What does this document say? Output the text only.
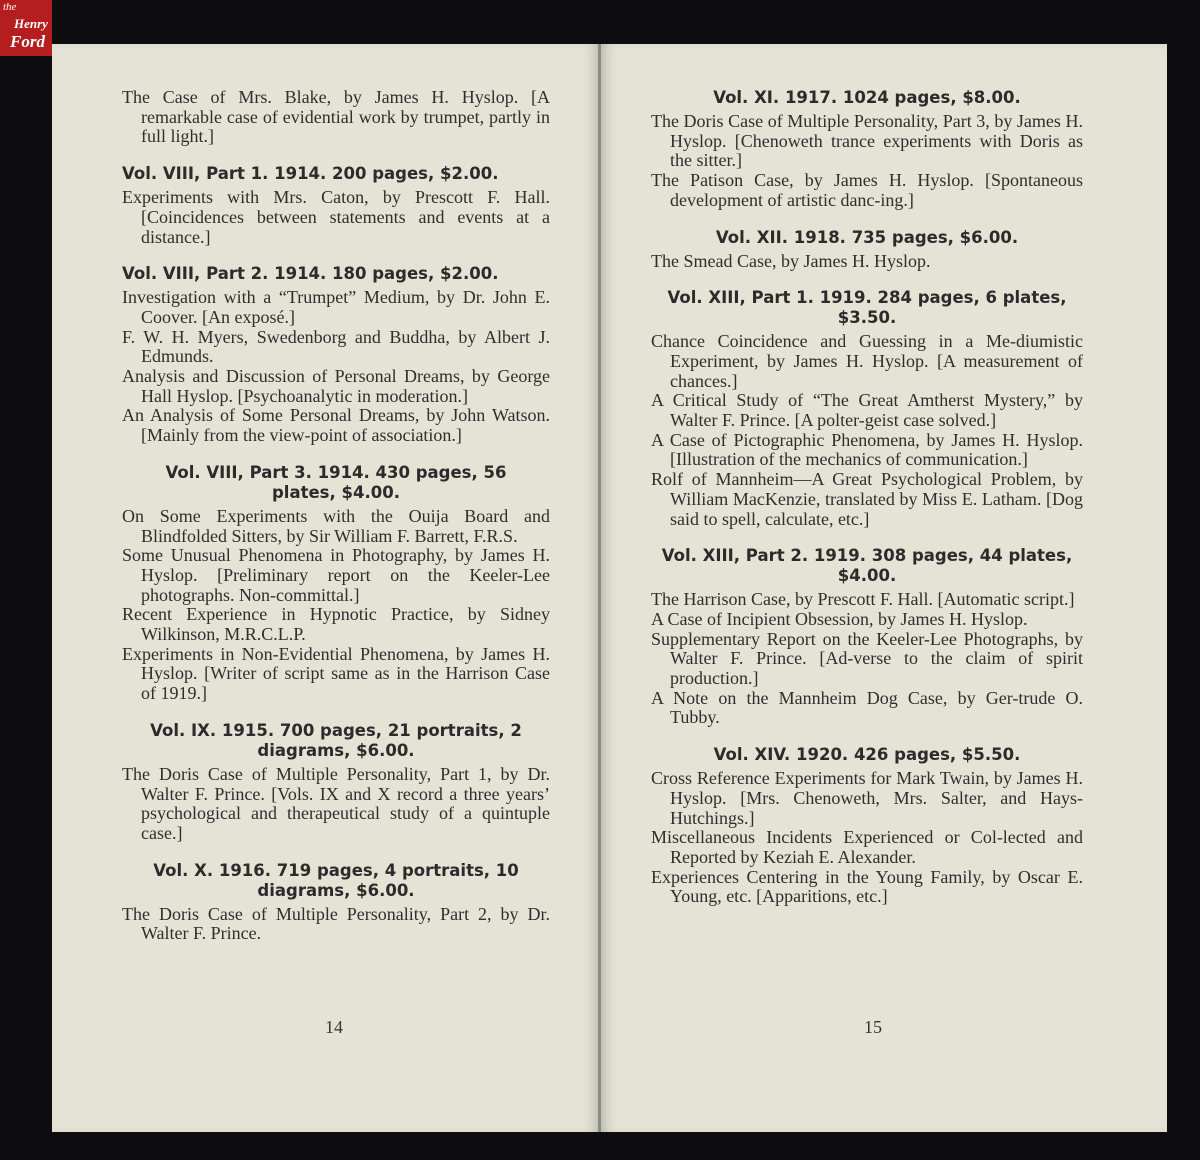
the
Henry
Ford
The Case of Mrs. Blake, by James H. Hyslop. [A remarkable case of evidential work by trumpet, partly in full light.]
Vol. VIII, Part 1. 1914. 200 pages, $2.00.
Experiments with Mrs. Caton, by Prescott F. Hall. [Coincidences between statements and events at a distance.]
Vol. VIII, Part 2. 1914. 180 pages, $2.00.
Investigation with a “Trumpet” Medium, by Dr. John E. Coover. [An exposé.]
F. W. H. Myers, Swedenborg and Buddha, by Albert J. Edmunds.
Analysis and Discussion of Personal Dreams, by George Hall Hyslop. [Psychoanalytic in moderation.]
An Analysis of Some Personal Dreams, by John Watson. [Mainly from the view-point of association.]
Vol. VIII, Part 3. 1914. 430 pages, 56 plates, $4.00.
On Some Experiments with the Ouija Board and Blindfolded Sitters, by Sir William F. Barrett, F.R.S.
Some Unusual Phenomena in Photography, by James H. Hyslop. [Preliminary report on the Keeler-Lee photographs. Non-committal.]
Recent Experience in Hypnotic Practice, by Sidney Wilkinson, M.R.C.L.P.
Experiments in Non-Evidential Phenomena, by James H. Hyslop. [Writer of script same as in the Harrison Case of 1919.]
Vol. IX. 1915. 700 pages, 21 portraits, 2 diagrams, $6.00.
The Doris Case of Multiple Personality, Part 1, by Dr. Walter F. Prince. [Vols. IX and X record a three years’ psychological and therapeutical study of a quintuple case.]
Vol. X. 1916. 719 pages, 4 portraits, 10 diagrams, $6.00.
The Doris Case of Multiple Personality, Part 2, by Dr. Walter F. Prince.
14
Vol. XI. 1917. 1024 pages, $8.00.
The Doris Case of Multiple Personality, Part 3, by James H. Hyslop. [Chenoweth trance experiments with Doris as the sitter.]
The Patison Case, by James H. Hyslop. [Spontaneous development of artistic danc-ing.]
Vol. XII. 1918. 735 pages, $6.00.
The Smead Case, by James H. Hyslop.
Vol. XIII, Part 1. 1919. 284 pages, 6 plates, $3.50.
Chance Coincidence and Guessing in a Me-diumistic Experiment, by James H. Hyslop. [A measurement of chances.]
A Critical Study of “The Great Amtherst Mystery,” by Walter F. Prince. [A polter-geist case solved.]
A Case of Pictographic Phenomena, by James H. Hyslop. [Illustration of the mechanics of communication.]
Rolf of Mannheim—A Great Psychological Problem, by William MacKenzie, translated by Miss E. Latham. [Dog said to spell, calculate, etc.]
Vol. XIII, Part 2. 1919. 308 pages, 44 plates, $4.00.
The Harrison Case, by Prescott F. Hall. [Automatic script.]
A Case of Incipient Obsession, by James H. Hyslop.
Supplementary Report on the Keeler-Lee Photographs, by Walter F. Prince. [Ad-verse to the claim of spirit production.]
A Note on the Mannheim Dog Case, by Ger-trude O. Tubby.
Vol. XIV. 1920. 426 pages, $5.50.
Cross Reference Experiments for Mark Twain, by James H. Hyslop. [Mrs. Chenoweth, Mrs. Salter, and Hays-Hutchings.]
Miscellaneous Incidents Experienced or Col-lected and Reported by Keziah E. Alexander.
Experiences Centering in the Young Family, by Oscar E. Young, etc. [Apparitions, etc.]
15
